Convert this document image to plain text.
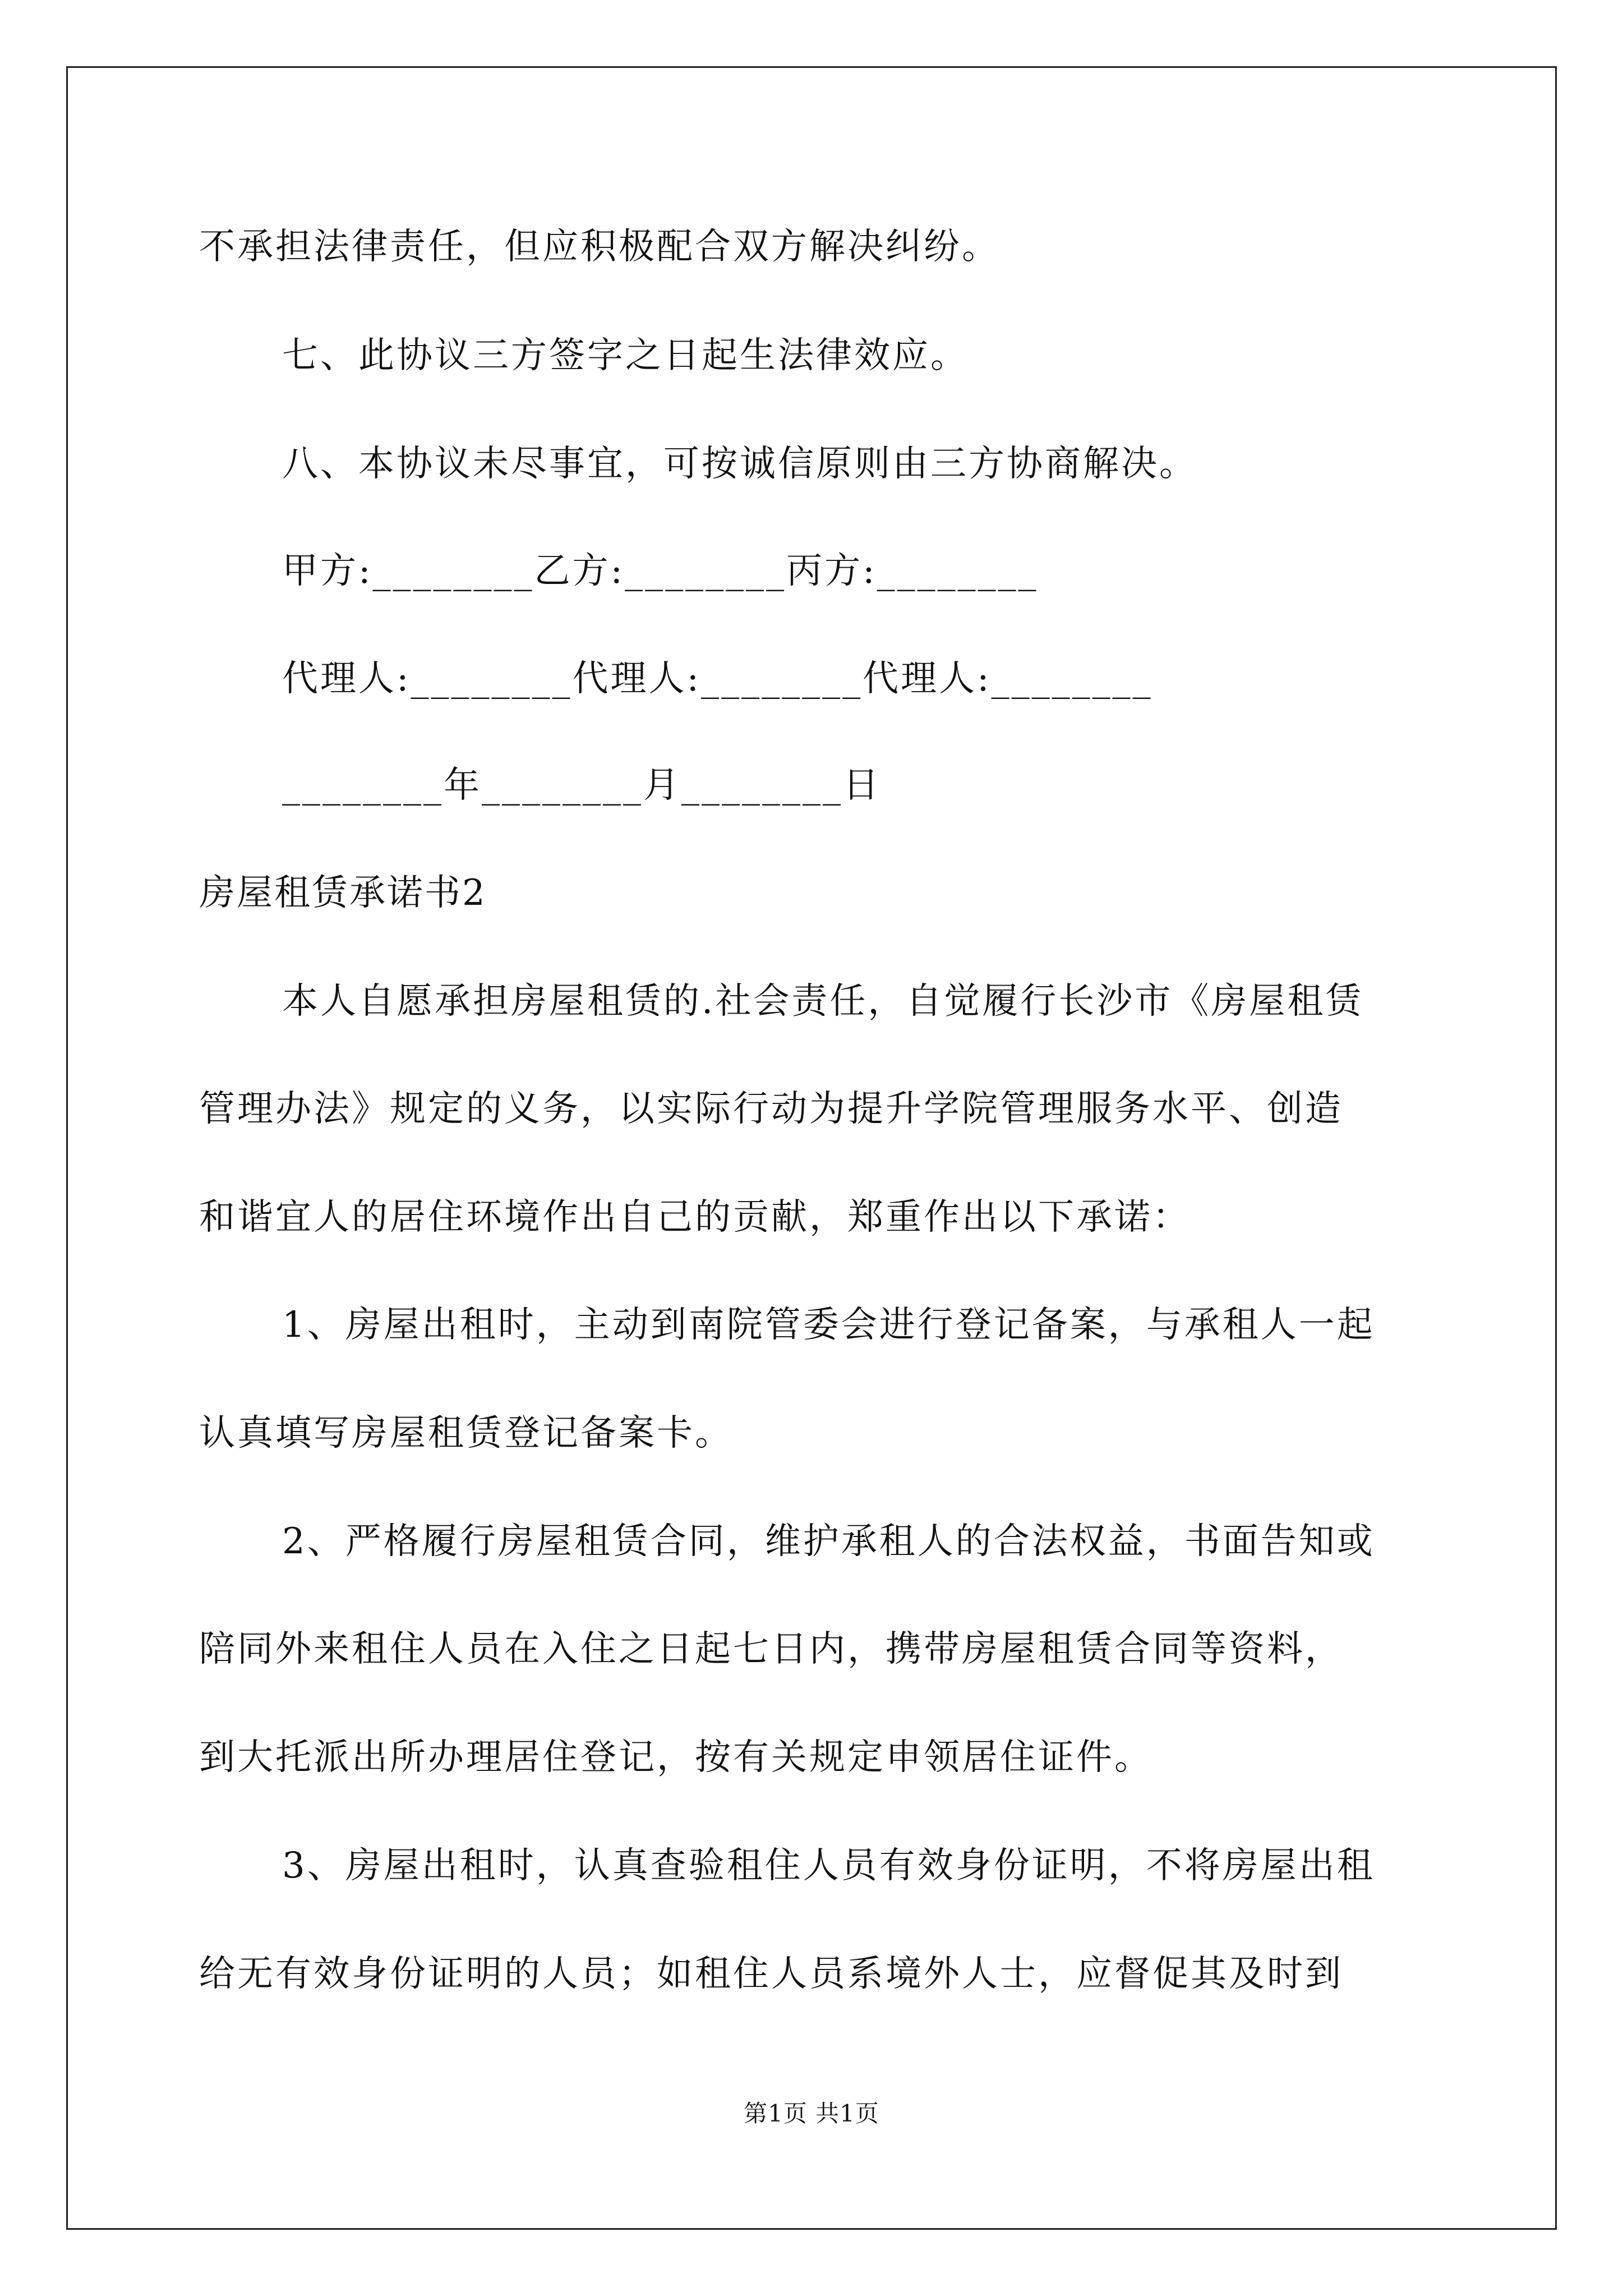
不承担法律责任，但应积极配合双方解决纠纷。
七、此协议三方签字之日起生法律效应。
八、本协议未尽事宜，可按诚信原则由三方协商解决。
甲方:________乙方:________丙方:________
代理人:________代理人:________代理人:________
________年________月________日
房屋租赁承诺书2
本人自愿承担房屋租赁的.社会责任，自觉履行长沙市《房屋租赁
管理办法》规定的义务，以实际行动为提升学院管理服务水平、创造
和谐宜人的居住环境作出自己的贡献，郑重作出以下承诺：
1、房屋出租时，主动到南院管委会进行登记备案，与承租人一起
认真填写房屋租赁登记备案卡。
2、严格履行房屋租赁合同，维护承租人的合法权益，书面告知或
陪同外来租住人员在入住之日起七日内，携带房屋租赁合同等资料，
到大托派出所办理居住登记，按有关规定申领居住证件。
3、房屋出租时，认真查验租住人员有效身份证明，不将房屋出租
给无有效身份证明的人员；如租住人员系境外人士，应督促其及时到
第1页 共1页
